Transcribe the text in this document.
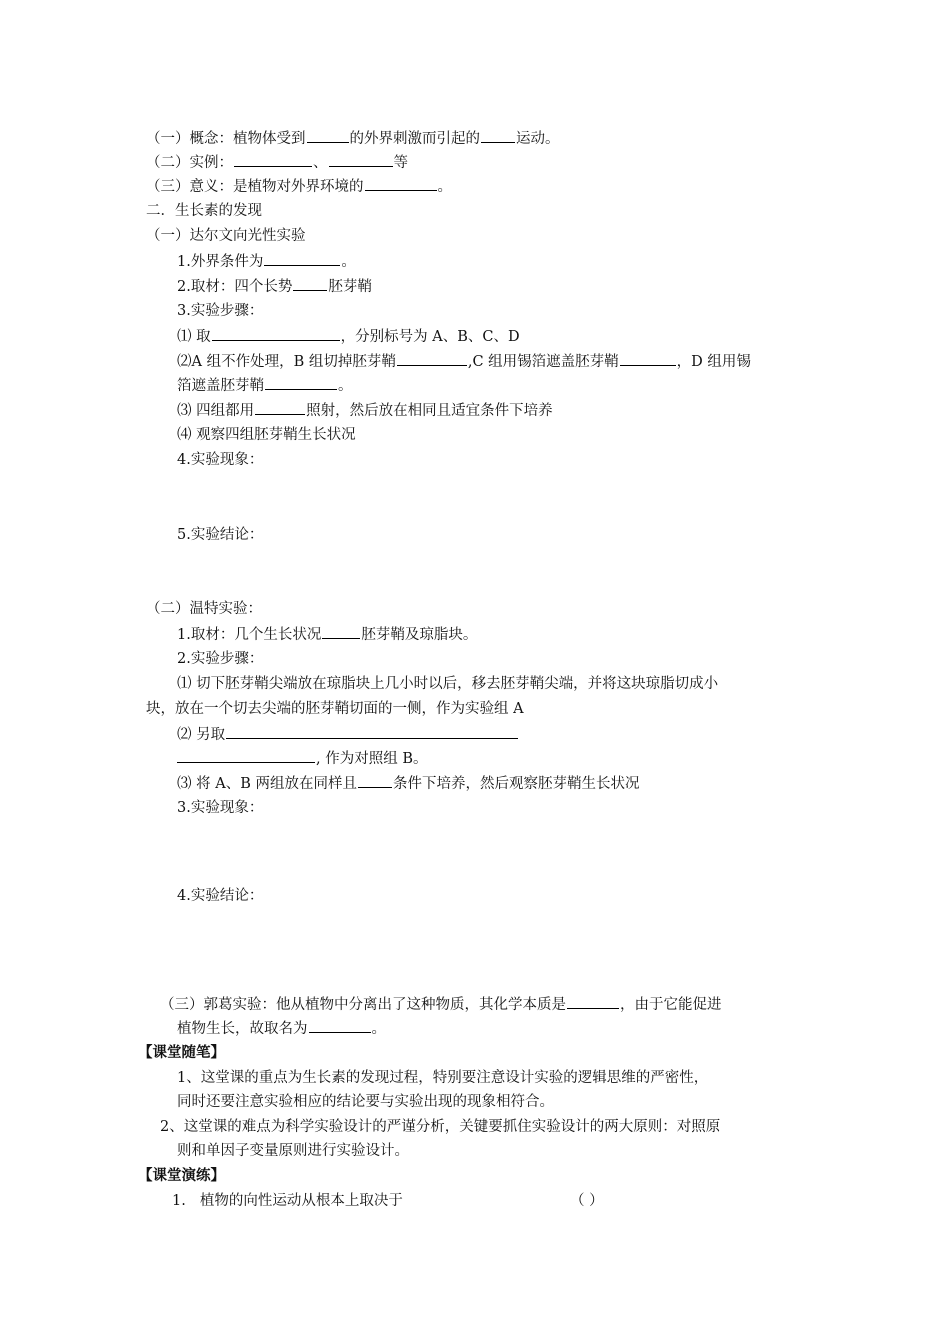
（一）概念：植物体受到	的外界刺激而引起的 运动。
（二）实例：	、	等
（三）意义：是植物对外界环境的	。
二．生长素的发现
（一）达尔文向光性实验
1.外界条件为	。
2.取材：四个长势 胚芽鞘
3.实验步骤：
⑴ 取	，分别标号为 A、B、C、D
⑵A 组不作处理，B 组切掉胚芽鞘	,C 组用锡箔遮盖胚芽鞘	，D 组用锡
箔遮盖胚芽鞘	。
⑶ 四组都用	照射，然后放在相同且适宜条件下培养
⑷ 观察四组胚芽鞘生长状况
4.实验现象：
5.实验结论：
（二）温特实验：
1.取材：几个生长状况	胚芽鞘及琼脂块。
2.实验步骤：
⑴ 切下胚芽鞘尖端放在琼脂块上几小时以后，移去胚芽鞘尖端，并将这块琼脂切成小
块，放在一个切去尖端的胚芽鞘切面的一侧，作为实验组 A
⑵ 另取
, 作为对照组 B。
⑶ 将 A、B 两组放在同样且 条件下培养，然后观察胚芽鞘生长状况
3.实验现象：
4.实验结论：
（三）郭葛实验：他从植物中分离出了这种物质，其化学本质是	，由于它能促进
植物生长，故取名为	。
【课堂随笔】
1、这堂课的重点为生长素的发现过程，特别要注意设计实验的逻辑思维的严密性，
同时还要注意实验相应的结论要与实验出现的现象相符合。
2、这堂课的难点为科学实验设计的严谨分析，关键要抓住实验设计的两大原则：对照原
则和单因子变量原则进行实验设计。
【课堂演练】
1. 植物的向性运动从根本上取决于	（ ）
